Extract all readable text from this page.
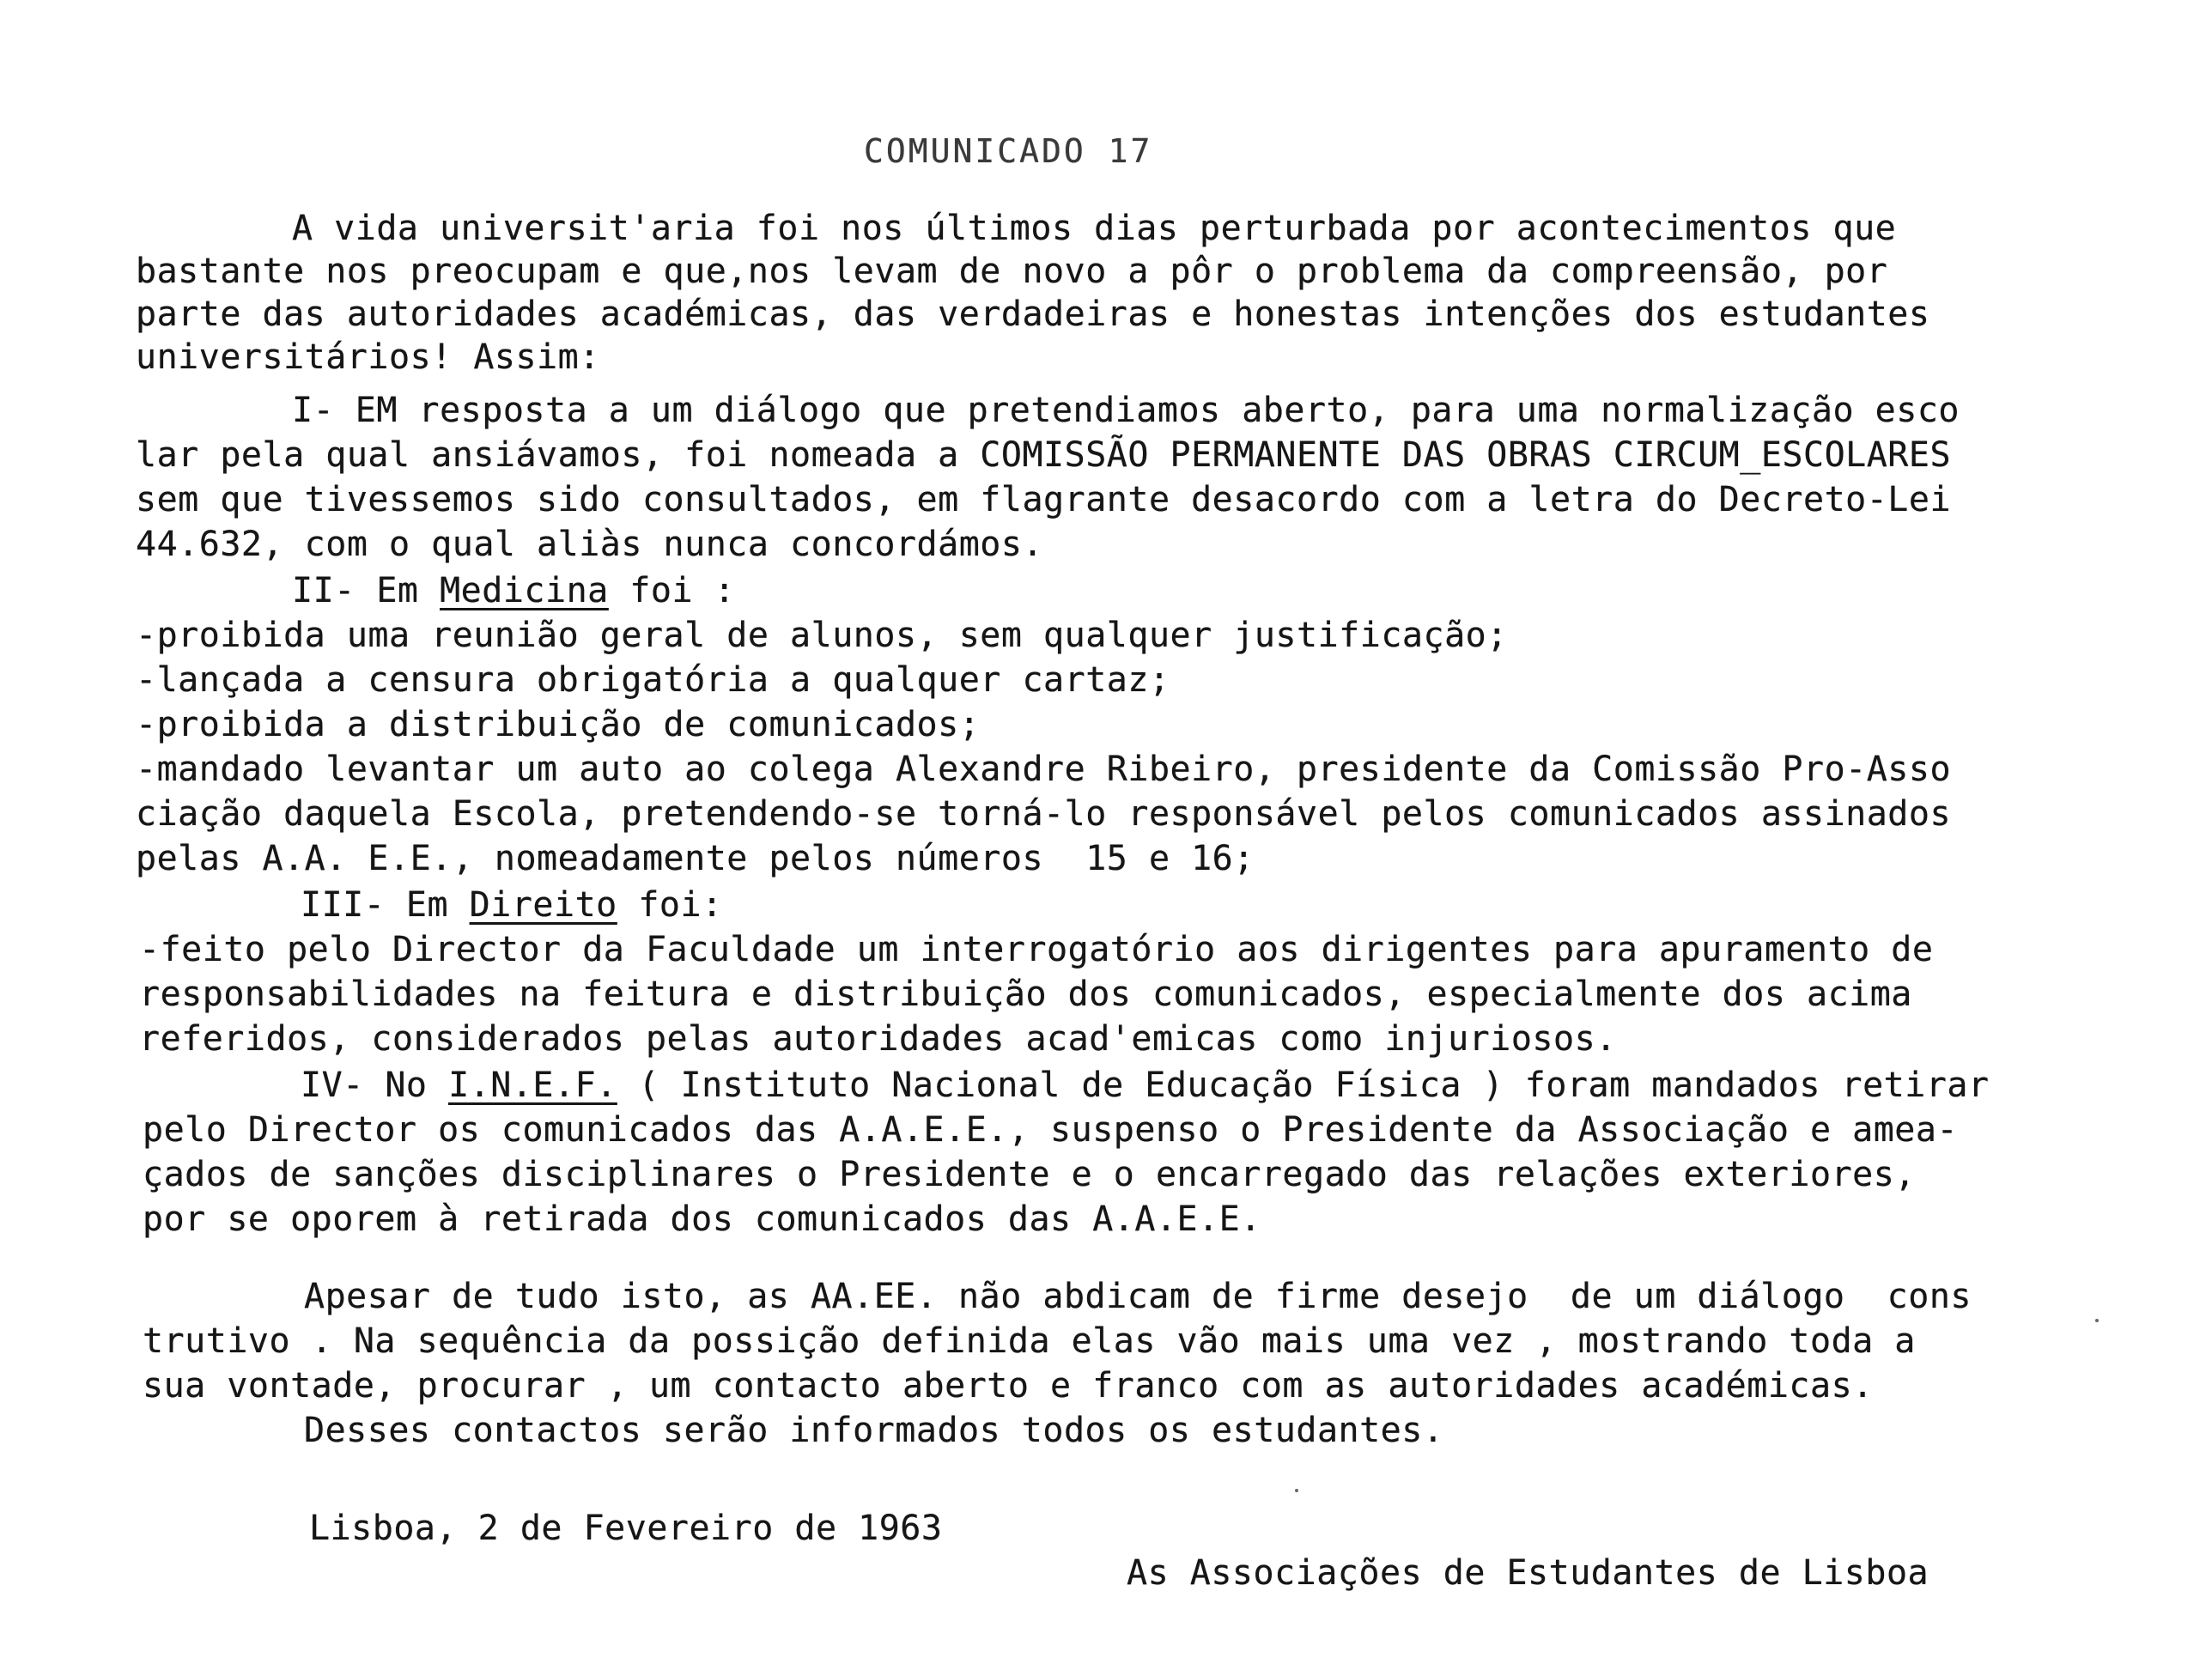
COMUNICADO 17
A vida universit'aria foi nos últimos dias perturbada por acontecimentos que
bastante nos preocupam e que,nos levam de novo a pôr o problema da compreensão, por
parte das autoridades académicas, das verdadeiras e honestas intenções dos estudantes
universitários! Assim:
I- EM resposta a um diálogo que pretendiamos aberto, para uma normalização esco
lar pela qual ansiávamos, foi nomeada a COMISSÃO PERMANENTE DAS OBRAS CIRCUM_ESCOLARES
sem que tivessemos sido consultados, em flagrante desacordo com a letra do Decreto-Lei
44.632, com o qual aliàs nunca concordámos.
II- Em Medicina foi :
-proibida uma reunião geral de alunos, sem qualquer justificação;
-lançada a censura obrigatória a qualquer cartaz;
-proibida a distribuição de comunicados;
-mandado levantar um auto ao colega Alexandre Ribeiro, presidente da Comissão Pro-Asso
ciação daquela Escola, pretendendo-se torná-lo responsável pelos comunicados assinados
pelas A.A. E.E., nomeadamente pelos números  15 e 16;
III- Em Direito foi:
-feito pelo Director da Faculdade um interrogatório aos dirigentes para apuramento de
responsabilidades na feitura e distribuição dos comunicados, especialmente dos acima
referidos, considerados pelas autoridades acad'emicas como injuriosos.
IV- No I.N.E.F. ( Instituto Nacional de Educação Física ) foram mandados retirar
pelo Director os comunicados das A.A.E.E., suspenso o Presidente da Associação e amea-
çados de sanções disciplinares o Presidente e o encarregado das relações exteriores,
por se oporem à retirada dos comunicados das A.A.E.E.
Apesar de tudo isto, as AA.EE. não abdicam de firme desejo  de um diálogo  cons
trutivo . Na sequência da possição definida elas vão mais uma vez , mostrando toda a
sua vontade, procurar , um contacto aberto e franco com as autoridades académicas.
Desses contactos serão informados todos os estudantes.
Lisboa, 2 de Fevereiro de 1963
As Associações de Estudantes de Lisboa
